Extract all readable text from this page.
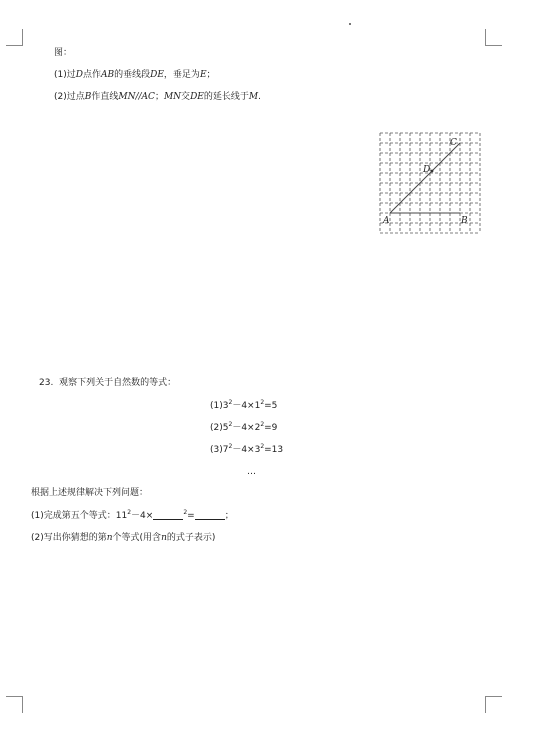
图：
(1)过D点作AB的垂线段DE，垂足为E；
(2)过点B作直线MN//AC；MN交DE的延长线于M.
A	B
C
D
23. 观察下列关于自然数的等式：
$(1)3^2-4\times 1^2=5$
$(2)5^2-4\times 2^2=9$
$(3)7^2-4\times 3^2=13$
…
根据上述规律解决下列问题：
(1)完成第五个等式：$11^2-4\times$	$^2$=	；
(2)写出你猜想的第n个等式(用含n的式子表示)
